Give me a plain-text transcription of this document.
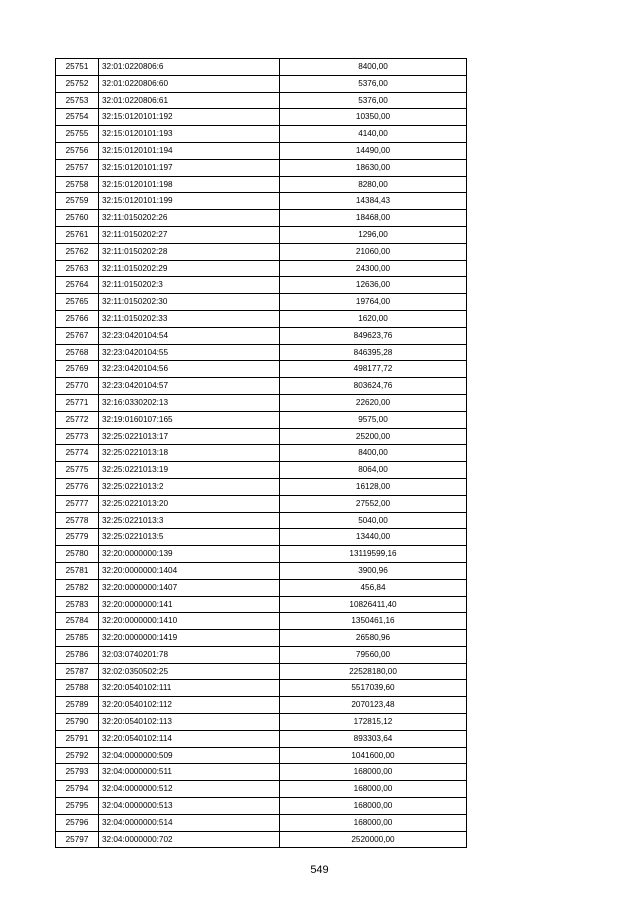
25751	32:01:0220806:6	8400,00
25752	32:01:0220806:60	5376,00
25753	32:01:0220806:61	5376,00
25754	32:15:0120101:192	10350,00
25755	32:15:0120101:193	4140,00
25756	32:15:0120101:194	14490,00
25757	32:15:0120101:197	18630,00
25758	32:15:0120101:198	8280,00
25759	32:15:0120101:199	14384,43
25760	32:11:0150202:26	18468,00
25761	32:11:0150202:27	1296,00
25762	32:11:0150202:28	21060,00
25763	32:11:0150202:29	24300,00
25764	32:11:0150202:3	12636,00
25765	32:11:0150202:30	19764,00
25766	32:11:0150202:33	1620,00
25767	32:23:0420104:54	849623,76
25768	32:23:0420104:55	846395,28
25769	32:23:0420104:56	498177,72
25770	32:23:0420104:57	803624,76
25771	32:16:0330202:13	22620,00
25772	32:19:0160107:165	9575,00
25773	32:25:0221013:17	25200,00
25774	32:25:0221013:18	8400,00
25775	32:25:0221013:19	8064,00
25776	32:25:0221013:2	16128,00
25777	32:25:0221013:20	27552,00
25778	32:25:0221013:3	5040,00
25779	32:25:0221013:5	13440,00
25780	32:20:0000000:139	13119599,16
25781	32:20:0000000:1404	3900,96
25782	32:20:0000000:1407	456,84
25783	32:20:0000000:141	10826411,40
25784	32:20:0000000:1410	1350461,16
25785	32:20:0000000:1419	26580,96
25786	32:03:0740201:78	79560,00
25787	32:02:0350502:25	22528180,00
25788	32:20:0540102:111	5517039,60
25789	32:20:0540102:112	2070123,48
25790	32:20:0540102:113	172815,12
25791	32:20:0540102:114	893303,64
25792	32:04:0000000:509	1041600,00
25793	32:04:0000000:511	168000,00
25794	32:04:0000000:512	168000,00
25795	32:04:0000000:513	168000,00
25796	32:04:0000000:514	168000,00
25797	32:04:0000000:702	2520000,00
549
